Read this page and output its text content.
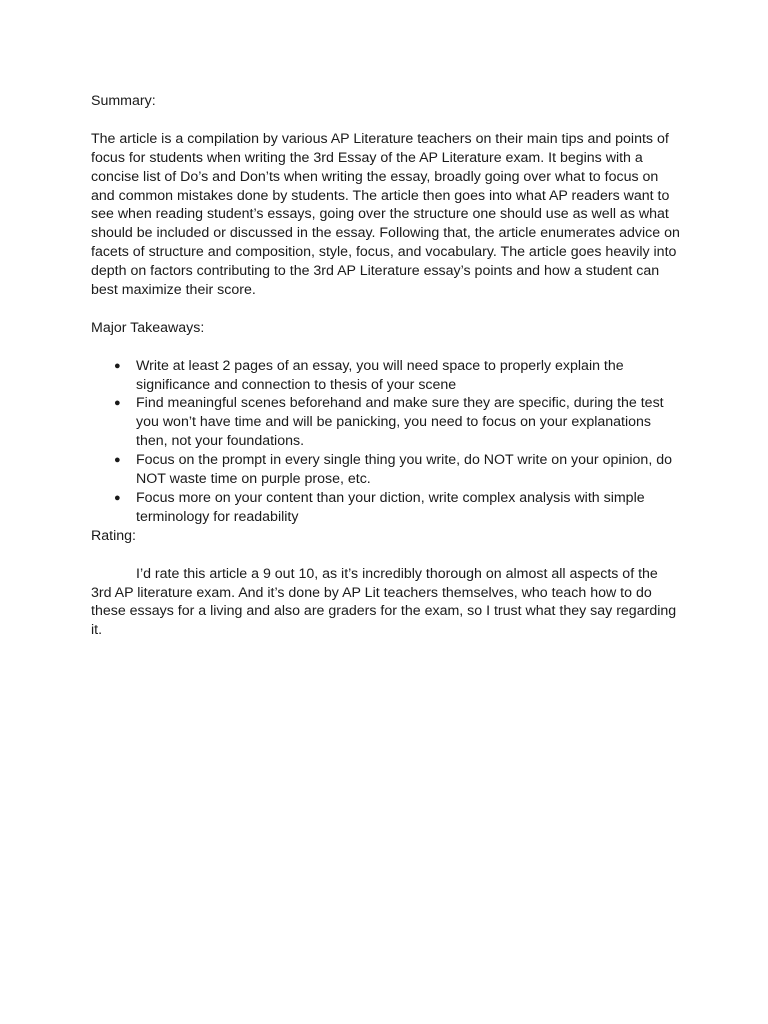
Summary:

The article is a compilation by various AP Literature teachers on their main tips and points of focus for students when writing the 3rd Essay of the AP Literature exam. It begins with a concise list of Do’s and Don’ts when writing the essay, broadly going over what to focus on and common mistakes done by students. The article then goes into what AP readers want to see when reading student’s essays, going over the structure one should use as well as what should be included or discussed in the essay. Following that, the article enumerates advice on facets of structure and composition, style, focus, and vocabulary. The article goes heavily into depth on factors contributing to the 3rd AP Literature essay’s points and how a student can best maximize their score.

Major Takeaways:

● Write at least 2 pages of an essay, you will need space to properly explain the significance and connection to thesis of your scene
● Find meaningful scenes beforehand and make sure they are specific, during the test you won’t have time and will be panicking, you need to focus on your explanations then, not your foundations.
● Focus on the prompt in every single thing you write, do NOT write on your opinion, do NOT waste time on purple prose, etc.
● Focus more on your content than your diction, write complex analysis with simple terminology for readability

Rating:

I’d rate this article a 9 out 10, as it’s incredibly thorough on almost all aspects of the 3rd AP literature exam. And it’s done by AP Lit teachers themselves, who teach how to do these essays for a living and also are graders for the exam, so I trust what they say regarding it.
